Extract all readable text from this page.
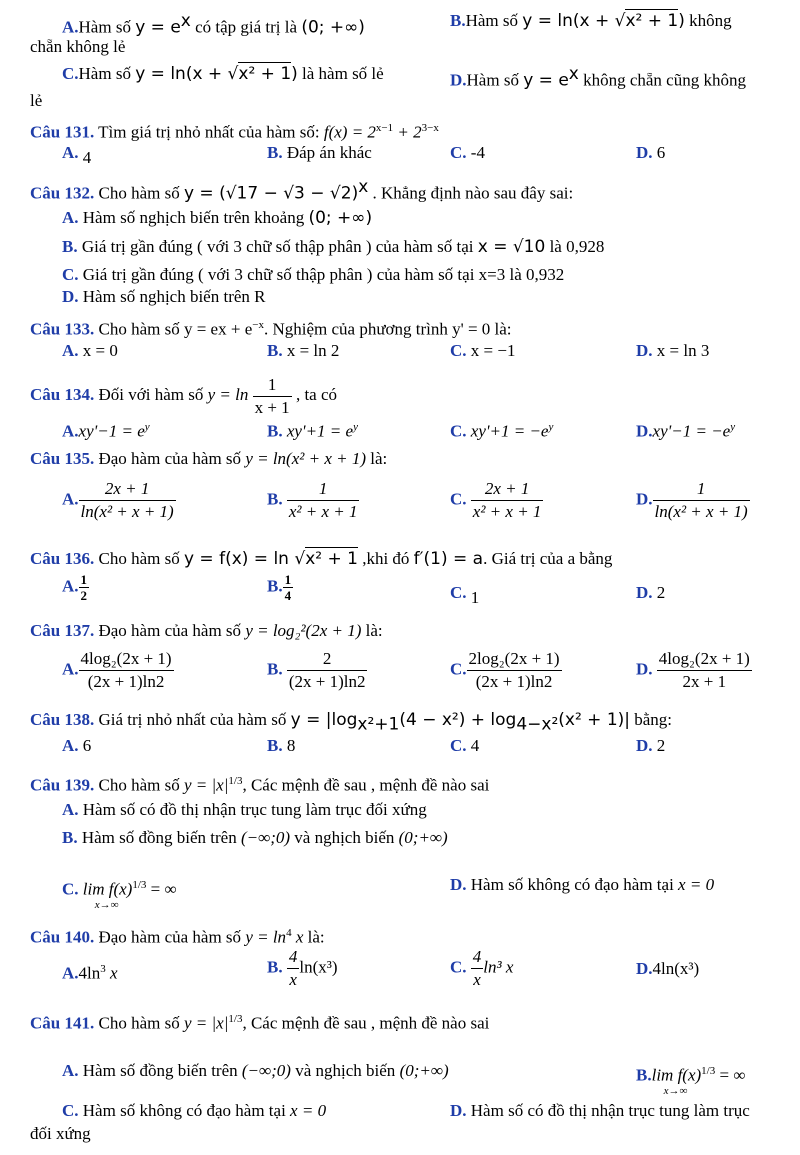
A.Hàm số $y = e^x$ có tập giá trị là (0; +∞)	B.Hàm số y = ln(x + √x² + 1) không
chẵn không lẻ
C.Hàm số y = ln(x + √x² + 1) là hàm số lẻ	D.Hàm số $y = e^x$ không chẵn cũng không
lẻ
Câu 131. Tìm giá trị nhỏ nhất của hàm số: $f(x) = 2^{x-1} + 2^{3-x}$
A. 4	B. Đáp án khác	C. -4	D. 6
Câu 132. Cho hàm số $y = (√17 - √3 - √2)^x$ . Khẳng định nào sau đây sai:
A. Hàm số nghịch biến trên khoảng (0; +∞)
B. Giá trị gần đúng ( với 3 chữ số thập phân ) của hàm số tại x = √10 là 0,928
C. Giá trị gần đúng ( với 3 chữ số thập phân ) của hàm số tại x=3 là 0,932
D. Hàm số nghịch biến trên R
Câu 133. Cho hàm số y = ex + $e^{-x}$. Nghiệm của phương trình y' = 0 là:
A. x = 0	B. x = ln 2	C. x = −1	D. x = ln 3
Câu 134. Đối với hàm số $y = \ln \frac{1}{x + 1}$ , ta có
$A.xy'-1 = e^y$	B. $xy'+1 = e^y$	C. $xy'+1 = -e^y$	$D.xy'-1 = -e^y$
Câu 135. Đạo hàm của hàm số y = ln(x² + x + 1) là:
A. $\frac{2x + 1}{\text{ln(x² + x + 1)}}$	B. $\frac{1}{\text{x² + x + 1}}$	C. $\frac{2x + 1}{\text{x² + x + 1}}$	D. $\frac{1}{\text{ln(x² + x + 1)}}$
Câu 136. Cho hàm số y = f(x) = ln √x² + 1 ,khi đó f′(1) = a. Giá trị của a bằng
A. $\frac{1}{2}$	B. $\frac{1}{4}$	C. 1	D. 2
Câu 137. Đạo hàm của hàm số y = log₂²(2x + 1) là:
A. $\frac{\text{4log₂(2x + 1)}}{(2x + 1)\ln 2}$	B. $\frac{2}{(2x + 1)\ln 2}$	C. $\frac{\text{2log₂(2x + 1)}}{(2x + 1)\ln 2}$	D. $\frac{\text{4log₂(2x + 1)}}{2x + 1}$
Câu 138. Giá trị nhỏ nhất của hàm số $y = |\log_{x^2+1}(4 - x^2) + \log_{4-x^2}(x^2 + 1)|$ bằng:
A. 6	B. 8	C. 4	D. 2
Câu 139. Cho hàm số $y = |x|^{1/3}$, Các mệnh đề sau , mệnh đề nào sai
A. Hàm số có đồ thị nhận trục tung làm trục đối xứng
B. Hàm số đồng biến trên (−∞;0) và nghịch biến (0;+∞)
C. $\lim f(x)^{1/3}$ = ∞
x→∞
D. Hàm số không có đạo hàm tại x = 0
Câu 140. Đạo hàm của hàm số $y = \ln^4 x$ là:
$A.4\ln^3$ x	B. $\frac{4}{x} \ln(x^3)$	C. $\frac{4}{x} \ln^3$ x	D.4ln(x³)
Câu 141. Cho hàm số $y = |x|^{1/3}$, Các mệnh đề sau , mệnh đề nào sai
A. Hàm số đồng biến trên (−∞;0) và nghịch biến (0;+∞)	B.lim $f(x)^{1/3}$ = ∞
x→∞
C. Hàm số không có đạo hàm tại x = 0	D. Hàm số có đồ thị nhận trục tung làm trục
đối xứng
